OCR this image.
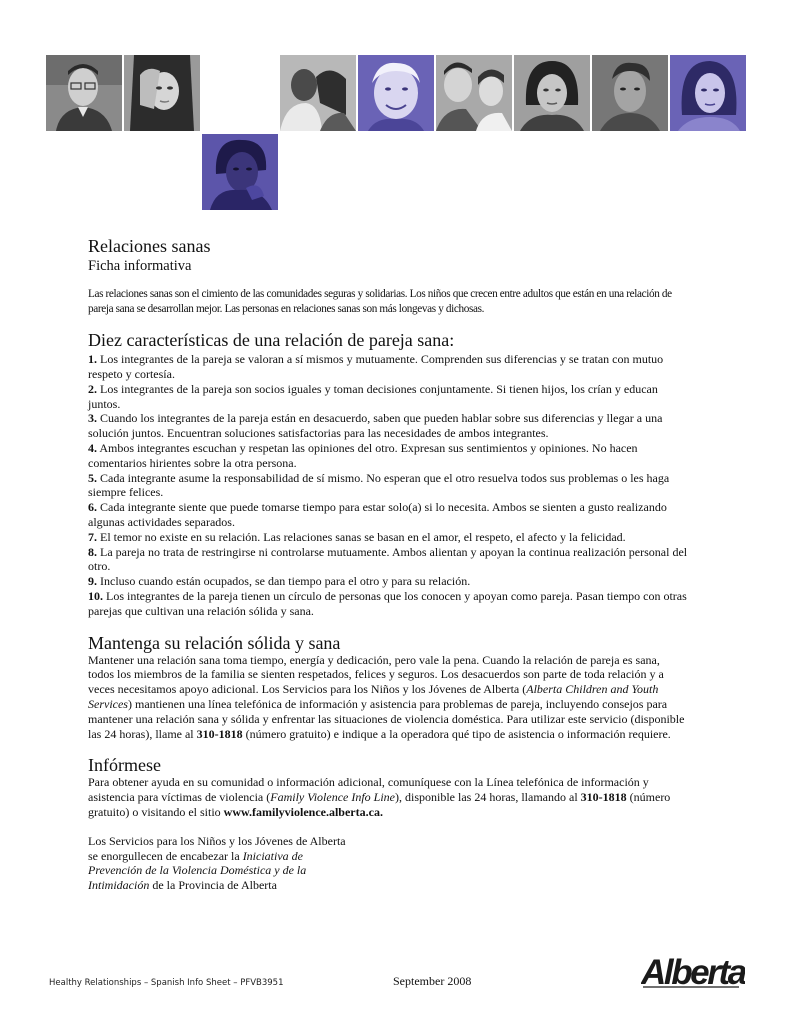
Relaciones sanas
Ficha informativa

Las relaciones sanas son el cimiento de las comunidades seguras y solidarias. Los niños que crecen entre adultos que están en una relación de pareja sana se desarrollan mejor. Las personas en relaciones sanas son más longevas y dichosas.

Diez características de una relación de pareja sana:

1. Los integrantes de la pareja se valoran a sí mismos y mutuamente. Comprenden sus diferencias y se tratan con mutuo respeto y cortesía.

2. Los integrantes de la pareja son socios iguales y toman decisiones conjuntamente. Si tienen hijos, los crían y educan juntos.

3. Cuando los integrantes de la pareja están en desacuerdo, saben que pueden hablar sobre sus diferencias y llegar a una solución juntos. Encuentran soluciones satisfactorias para las necesidades de ambos integrantes.

4. Ambos integrantes escuchan y respetan las opiniones del otro. Expresan sus sentimientos y opiniones. No hacen comentarios hirientes sobre la otra persona.

5. Cada integrante asume la responsabilidad de sí mismo. No esperan que el otro resuelva todos sus problemas o les haga siempre felices.

6. Cada integrante siente que puede tomarse tiempo para estar solo(a) si lo necesita. Ambos se sienten a gusto realizando algunas actividades separados.

7. El temor no existe en su relación. Las relaciones sanas se basan en el amor, el respeto, el afecto y la felicidad.

8. La pareja no trata de restringirse ni controlarse mutuamente. Ambos alientan y apoyan la continua realización personal del otro.

9. Incluso cuando están ocupados, se dan tiempo para el otro y para su relación.

10. Los integrantes de la pareja tienen un círculo de personas que los conocen y apoyan como pareja. Pasan tiempo con otras parejas que cultivan una relación sólida y sana.

Mantenga su relación sólida y sana

Mantener una relación sana toma tiempo, energía y dedicación, pero vale la pena. Cuando la relación de pareja es sana, todos los miembros de la familia se sienten respetados, felices y seguros. Los desacuerdos son parte de toda relación y a veces necesitamos apoyo adicional. Los Servicios para los Niños y los Jóvenes de Alberta (Alberta Children and Youth Services) mantienen una línea telefónica de información y asistencia para problemas de pareja, incluyendo consejos para mantener una relación sana y sólida y enfrentar las situaciones de violencia doméstica. Para utilizar este servicio (disponible las 24 horas), llame al 310-1818 (número gratuito) e indique a la operadora qué tipo de asistencia o información requiere.

Infórmese

Para obtener ayuda en su comunidad o información adicional, comuníquese con la Línea telefónica de información y asistencia para víctimas de violencia (Family Violence Info Line), disponible las 24 horas, llamando al 310-1818 (número gratuito) o visitando el sitio www.familyviolence.alberta.ca.

Los Servicios para los Niños y los Jóvenes de Alberta se enorgullecen de encabezar la Iniciativa de Prevención de la Violencia Doméstica y de la Intimidación de la Provincia de Alberta

Healthy Relationships – Spanish Info Sheet – PFVB3951	September 2008	Alberta
